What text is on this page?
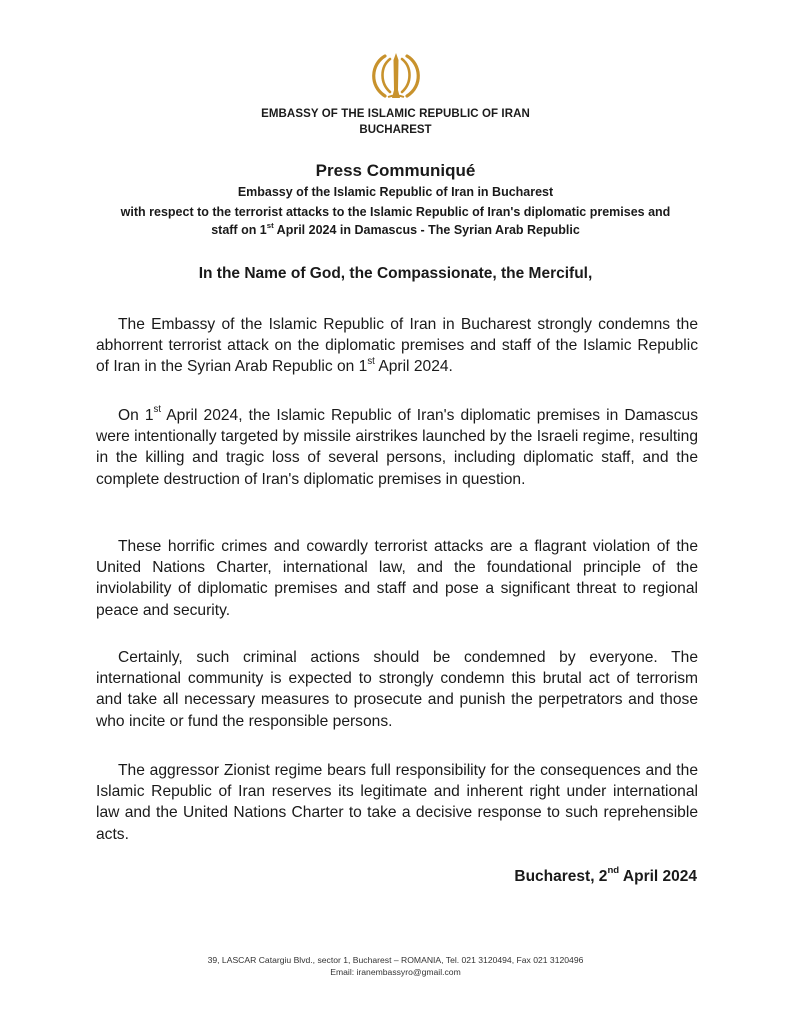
EMBASSY OF THE ISLAMIC REPUBLIC OF IRAN
BUCHAREST
Press Communiqué
Embassy of the Islamic Republic of Iran in Bucharest
with respect to the terrorist attacks to the Islamic Republic of Iran's diplomatic premises and
staff on 1st April 2024 in Damascus - The Syrian Arab Republic
In the Name of God, the Compassionate, the Merciful,
The Embassy of the Islamic Republic of Iran in Bucharest strongly condemns the abhorrent terrorist attack on the diplomatic premises and staff of the Islamic Republic of Iran in the Syrian Arab Republic on 1st April 2024.
On 1st April 2024, the Islamic Republic of Iran's diplomatic premises in Damascus were intentionally targeted by missile airstrikes launched by the Israeli regime, resulting in the killing and tragic loss of several persons, including diplomatic staff, and the complete destruction of Iran's diplomatic premises in question.
These horrific crimes and cowardly terrorist attacks are a flagrant violation of the United Nations Charter, international law, and the foundational principle of the inviolability of diplomatic premises and staff and pose a significant threat to regional peace and security.
Certainly, such criminal actions should be condemned by everyone. The international community is expected to strongly condemn this brutal act of terrorism and take all necessary measures to prosecute and punish the perpetrators and those who incite or fund the responsible persons.
The aggressor Zionist regime bears full responsibility for the consequences and the Islamic Republic of Iran reserves its legitimate and inherent right under international law and the United Nations Charter to take a decisive response to such reprehensible acts.
Bucharest, 2nd April 2024
39, LASCAR Catargiu Blvd., sector 1, Bucharest – ROMANIA, Tel. 021 3120494, Fax 021 3120496
Email: iranembassyro@gmail.com
